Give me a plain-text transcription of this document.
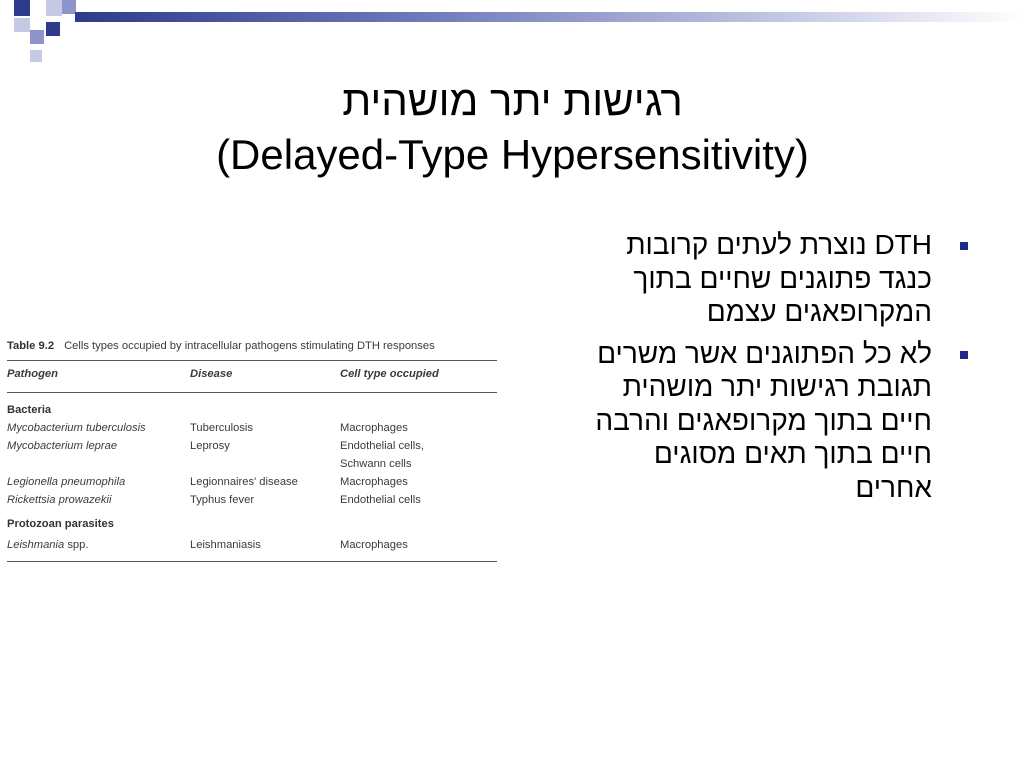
רגישות יתר מושהית
(Delayed-Type Hypersensitivity)
DTH נוצרת לעתים קרובות כנגד פתוגנים שחיים בתוך המקרופאגים עצמם
לא כל הפתוגנים אשר משרים תגובת רגישות יתר מושהית חיים בתוך מקרופאגים והרבה חיים בתוך תאים מסוגים אחרים
Table 9.2 Cells types occupied by intracellular pathogens stimulating DTH responses
Pathogen	Disease	Cell type occupied
Bacteria
Mycobacterium tuberculosis	Tuberculosis	Macrophages
Mycobacterium leprae	Leprosy	Endothelial cells,
Schwann cells
Legionella pneumophila	Legionnaires' disease	Macrophages
Rickettsia prowazekii	Typhus fever	Endothelial cells
Protozoan parasites
Leishmania spp.	Leishmaniasis	Macrophages
